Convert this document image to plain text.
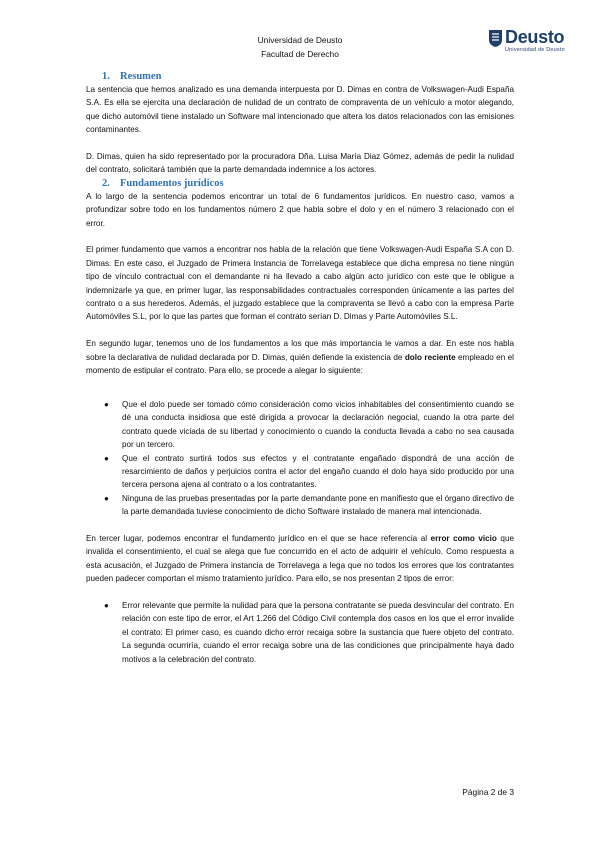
Deusto
Universidad de Deusto
Universidad de Deusto
Facultad de Derecho
1. Resumen

La sentencia que hemos analizado es una demanda interpuesta por D. Dimas en contra de Volkswagen-Audi España S.A. Es ella se ejercita una declaración de nulidad de un contrato de compraventa de un vehículo a motor alegando, que dicho automóvil tiene instalado un Software mal intencionado que altera los datos relacionados con las emisiones contaminantes.

D. Dimas, quien ha sido representado por la procuradora Dña. Luisa María Diaz Gómez, además de pedir la nulidad del contrato, solicitará también que la parte demandada indemnice a los actores.

2. Fundamentos jurídicos

A lo largo de la sentencia podemos encontrar un total de 6 fundamentos jurídicos. En nuestro caso, vamos a profundizar sobre todo en los fundamentos número 2 que habla sobre el dolo y en el número 3 relacionado con el error.

El primer fundamento que vamos a encontrar nos habla de la relación que tiene Volkswagen-Audi España S.A con D. Dimas. En este caso, el Juzgado de Primera Instancia de Torrelavega establece que dicha empresa no tiene ningún tipo de vínculo contractual con el demandante ni ha llevado a cabo algún acto jurídico con este que le obligue a indemnizarle ya que, en primer lugar, las responsabilidades contractuales corresponden únicamente a las partes del contrato o a sus herederos. Además, el juzgado establece que la compraventa se llevó a cabo con la empresa Parte Automóviles S.L, por lo que las partes que forman el contrato serían D. Dimas y Parte Automóviles S.L.

En segundo lugar, tenemos uno de los fundamentos a los que más importancia le vamos a dar. En este nos habla sobre la declarativa de nulidad declarada por D. Dimas, quién defiende la existencia de dolo reciente empleado en el momento de estipular el contrato. Para ello, se procede a alegar lo siguiente:

● Que el dolo puede ser tomado cómo consideración como vicios inhabitables del consentimiento cuando se dé una conducta insidiosa que esté dirigida a provocar la declaración negocial, cuando la otra parte del contrato quede viciada de su libertad y conocimiento o cuando la conducta llevada a cabo no sea causada por un tercero.
● Que el contrato surtirá todos sus efectos y el contratante engañado dispondrá de una acción de resarcimiento de daños y perjuicios contra el actor del engaño cuando el dolo haya sido producido por una tercera persona ajena al contrato o a los contratantes.
● Ninguna de las pruebas presentadas por la parte demandante pone en manifiesto que el órgano directivo de la parte demandada tuviese conocimiento de dicho Software instalado de manera mal intencionada.

En tercer lugar, podemos encontrar el fundamento jurídico en el que se hace referencia al error como vicio que invalida el consentimiento, el cual se alega que fue concurrido en el acto de adquirir el vehículo. Como respuesta a esta acusación, el Juzgado de Primera instancia de Torrelavega a lega que no todos los errores que los contratantes pueden padecer comportan el mismo tratamiento jurídico. Para ello, se nos presentan 2 tipos de error:

● Error relevante que permite la nulidad para que la persona contratante se pueda desvincular del contrato. En relación con este tipo de error, el Art 1.266 del Código Civil contempla dos casos en los que el error invalide el contrato: El primer caso, es cuando dicho error recaiga sobre la sustancia que fuere objeto del contrato. La segunda ocurriría, cuando el error recaiga sobre una de las condiciones que principalmente haya dado motivos a la celebración del contrato.
Página 2 de 3
